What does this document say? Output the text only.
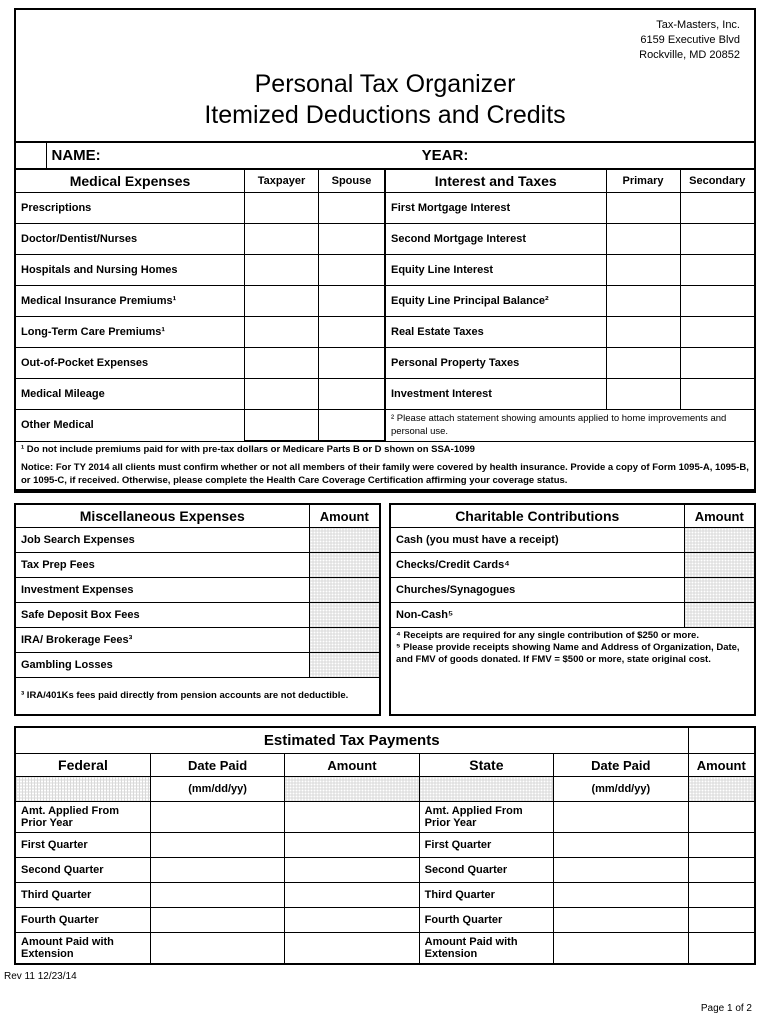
Tax-Masters, Inc.
6159 Executive Blvd
Rockville, MD 20852
Personal Tax Organizer
Itemized Deductions and Credits
	NAME:		YEAR:	
Medical Expenses	Taxpayer	Spouse
Prescriptions		
Doctor/Dentist/Nurses		
Hospitals and Nursing Homes		
Medical Insurance Premiums¹		
Long-Term Care Premiums¹		
Out-of-Pocket Expenses		
Medical Mileage		
Other Medical		
Interest and Taxes	Primary	Secondary
First Mortgage Interest		
Second Mortgage Interest		
Equity Line Interest		
Equity Line Principal Balance²		
Real Estate Taxes		
Personal Property Taxes		
Investment Interest		
² Please attach statement showing amounts applied to home improvements and personal use.		
¹ Do not include premiums paid for with pre-tax dollars or Medicare Parts B or D shown on SSA-1099
Notice: For TY 2014 all clients must confirm whether or not all members of their family were covered by health insurance. Provide a copy of Form 1095-A, 1095-B, or 1095-C, if received. Otherwise, please complete the Health Care Coverage Certification affirming your coverage status.
Miscellaneous Expenses	Amount
Job Search Expenses	
Tax Prep Fees	
Investment Expenses	
Safe Deposit Box Fees	
IRA/ Brokerage Fees³	
Gambling Losses	
³ IRA/401Ks fees paid directly from pension accounts are not deductible.	
Charitable Contributions	Amount
Cash (you must have a receipt)	
Checks/Credit Cards⁴	
Churches/Synagogues	
Non-Cash⁵	
⁴ Receipts are required for any single contribution of $250 or more.	
⁵ Please provide receipts showing Name and Address of Organization, Date, and FMV of goods donated. If FMV = $500 or more, state original cost.	
Estimated Tax Payments					
Federal	Date Paid	Amount	State	Date Paid	Amount
	(mm/dd/yy)			(mm/dd/yy)	
Amt. Applied From Prior Year			Amt. Applied From Prior Year		
First Quarter			First Quarter		
Second Quarter			Second Quarter		
Third Quarter			Third Quarter		
Fourth Quarter			Fourth Quarter		
Amount Paid with Extension			Amount Paid with Extension		
Rev 11 12/23/14
Page 1 of 2
